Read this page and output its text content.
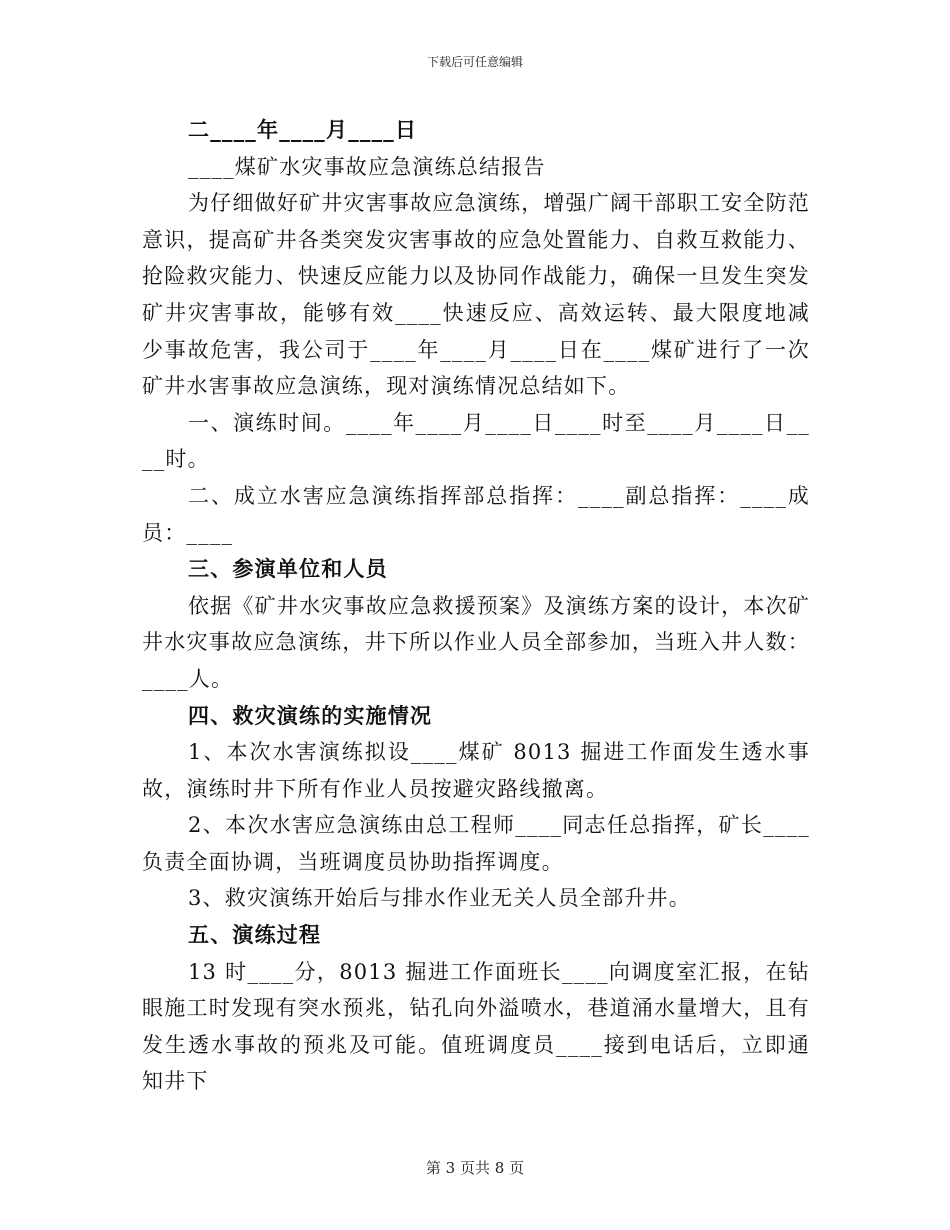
下载后可任意编辑

二____年____月____日

____煤矿水灾事故应急演练总结报告

为仔细做好矿井灾害事故应急演练，增强广阔干部职工安全防范意识，提高矿井各类突发灾害事故的应急处置能力、自救互救能力、抢险救灾能力、快速反应能力以及协同作战能力，确保一旦发生突发矿井灾害事故，能够有效____快速反应、高效运转、最大限度地减少事故危害，我公司于____年____月____日在____煤矿进行了一次矿井水害事故应急演练，现对演练情况总结如下。

一、演练时间。____年____月____日____时至____月____日____时。

二、成立水害应急演练指挥部总指挥：____副总指挥：____成员：____

三、参演单位和人员

依据《矿井水灾事故应急救援预案》及演练方案的设计，本次矿井水灾事故应急演练，井下所以作业人员全部参加，当班入井人数：____人。

四、救灾演练的实施情况

1、本次水害演练拟设____煤矿 8013 掘进工作面发生透水事故，演练时井下所有作业人员按避灾路线撤离。

2、本次水害应急演练由总工程师____同志任总指挥，矿长____负责全面协调，当班调度员协助指挥调度。

3、救灾演练开始后与排水作业无关人员全部升井。

五、演练过程

13 时____分，8013 掘进工作面班长____向调度室汇报，在钻眼施工时发现有突水预兆，钻孔向外溢喷水，巷道涌水量增大，且有发生透水事故的预兆及可能。值班调度员____接到电话后，立即通知井下

第 3 页共 8 页
